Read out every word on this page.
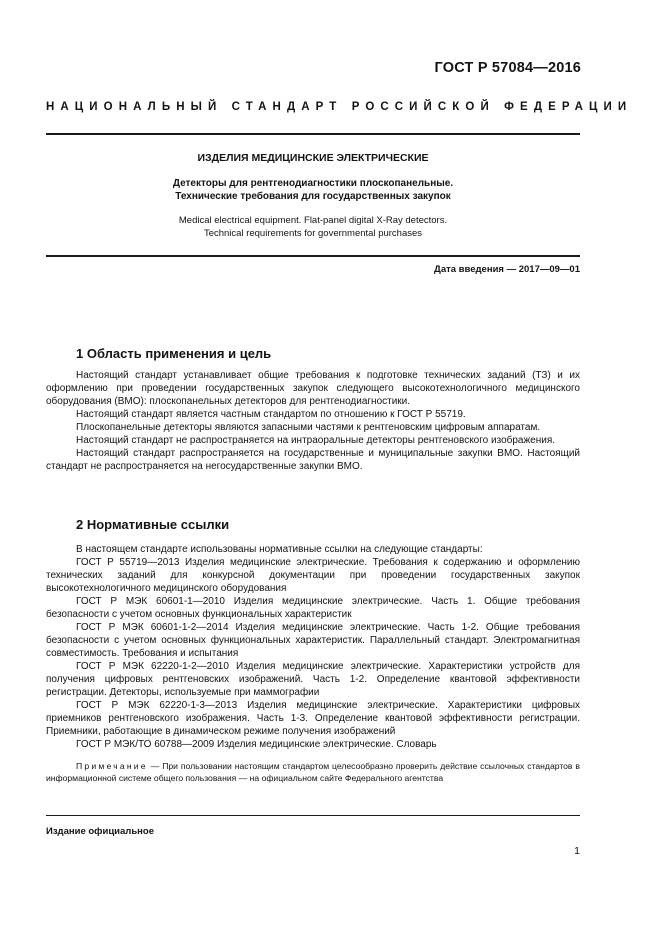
ГОСТ Р 57084—2016
НАЦИОНАЛЬНЫЙ СТАНДАРТ РОССИЙСКОЙ ФЕДЕРАЦИИ
ИЗДЕЛИЯ МЕДИЦИНСКИЕ ЭЛЕКТРИЧЕСКИЕ
Детекторы для рентгенодиагностики плоскопанельные.
Технические требования для государственных закупок
Medical electrical equipment. Flat-panel digital X-Ray detectors.
Technical requirements for governmental purchases
Дата введения — 2017—09—01
1 Область применения и цель

Настоящий стандарт устанавливает общие требования к подготовке технических заданий (ТЗ) и их оформлению при проведении государственных закупок следующего высокотехнологичного медицинского оборудования (ВМО): плоскопанельных детекторов для рентгенодиагностики.

Настоящий стандарт является частным стандартом по отношению к ГОСТ Р 55719.

Плоскопанельные детекторы являются запасными частями к рентгеновским цифровым аппаратам.

Настоящий стандарт не распространяется на интраоральные детекторы рентгеновского изображения.

Настоящий стандарт распространяется на государственные и муниципальные закупки ВМО. Настоящий стандарт не распространяется на негосударственные закупки ВМО.

2 Нормативные ссылки

В настоящем стандарте использованы нормативные ссылки на следующие стандарты:

ГОСТ Р 55719—2013 Изделия медицинские электрические. Требования к содержанию и оформлению технических заданий для конкурсной документации при проведении государственных закупок высокотехнологичного медицинского оборудования

ГОСТ Р МЭК 60601-1—2010 Изделия медицинские электрические. Часть 1. Общие требования безопасности с учетом основных функциональных характеристик

ГОСТ Р МЭК 60601-1-2—2014 Изделия медицинские электрические. Часть 1-2. Общие требования безопасности с учетом основных функциональных характеристик. Параллельный стандарт. Электромагнитная совместимость. Требования и испытания

ГОСТ Р МЭК 62220-1-2—2010 Изделия медицинские электрические. Характеристики устройств для получения цифровых рентгеновских изображений. Часть 1-2. Определение квантовой эффективности регистрации. Детекторы, используемые при маммографии

ГОСТ Р МЭК 62220-1-3—2013 Изделия медицинские электрические. Характеристики цифровых приемников рентгеновского изображения. Часть 1-3. Определение квантовой эффективности регистрации. Приемники, работающие в динамическом режиме получения изображений

ГОСТ Р МЭК/ТО 60788—2009 Изделия медицинские электрические. Словарь

Примечание — При пользовании настоящим стандартом целесообразно проверить действие ссылочных стандартов в информационной системе общего пользования — на официальном сайте Федерального агентства
Издание официальное
1
